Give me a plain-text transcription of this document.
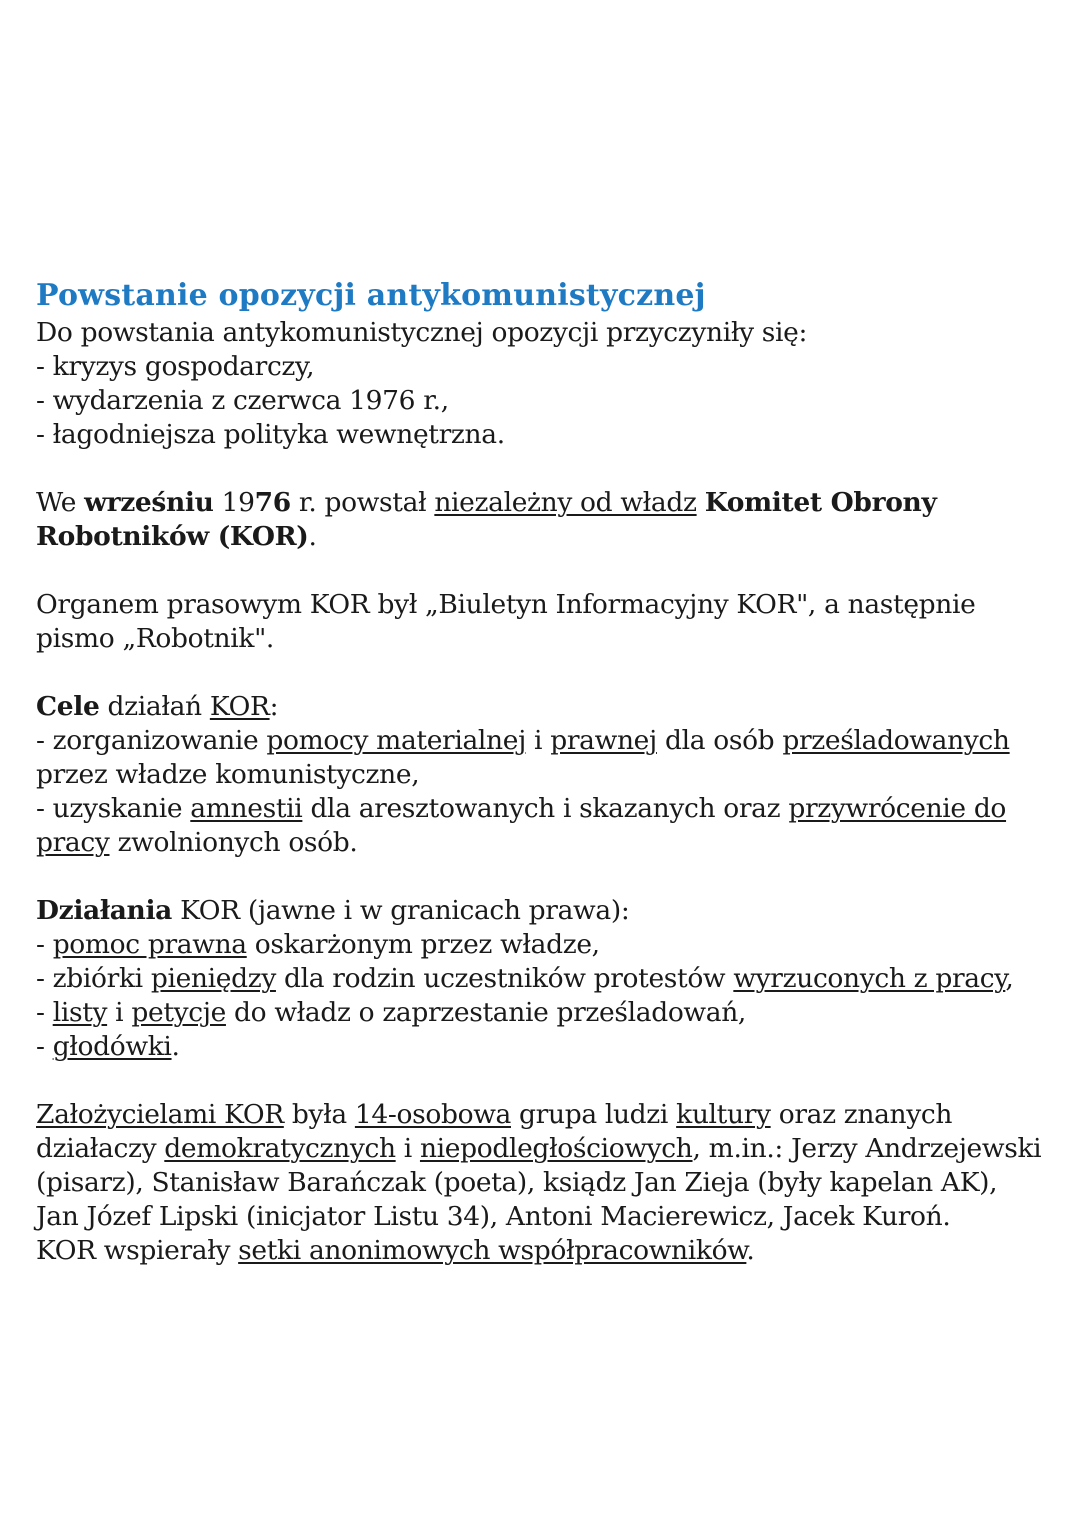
Powstanie opozycji antykomunistycznej

Do powstania antykomunistycznej opozycji przyczyniły się:

- kryzys gospodarczy,

- wydarzenia z czerwca 1976 r.,

- łagodniejsza polityka wewnętrzna.

We wrześniu 1976 r. powstał niezależny od władz Komitet Obrony Robotników (KOR).

Organem prasowym KOR był „Biuletyn Informacyjny KOR", a następnie pismo „Robotnik".

Cele działań KOR:

- zorganizowanie pomocy materialnej i prawnej dla osób prześladowanych przez władze komunistyczne,

- uzyskanie amnestii dla aresztowanych i skazanych oraz przywrócenie do pracy zwolnionych osób.

Działania KOR (jawne i w granicach prawa):

- pomoc prawna oskarżonym przez władze,

- zbiórki pieniędzy dla rodzin uczestników protestów wyrzuconych z pracy,

- listy i petycje do władz o zaprzestanie prześladowań,

- głodówki.

Założycielami KOR była 14-osobowa grupa ludzi kultury oraz znanych działaczy demokratycznych i niepodległościowych, m.in.: Jerzy Andrzejewski (pisarz), Stanisław Barańczak (poeta), ksiądz Jan Zieja (były kapelan AK), Jan Józef Lipski (inicjator Listu 34), Antoni Macierewicz, Jacek Kuroń.

KOR wspierały setki anonimowych współpracowników.
